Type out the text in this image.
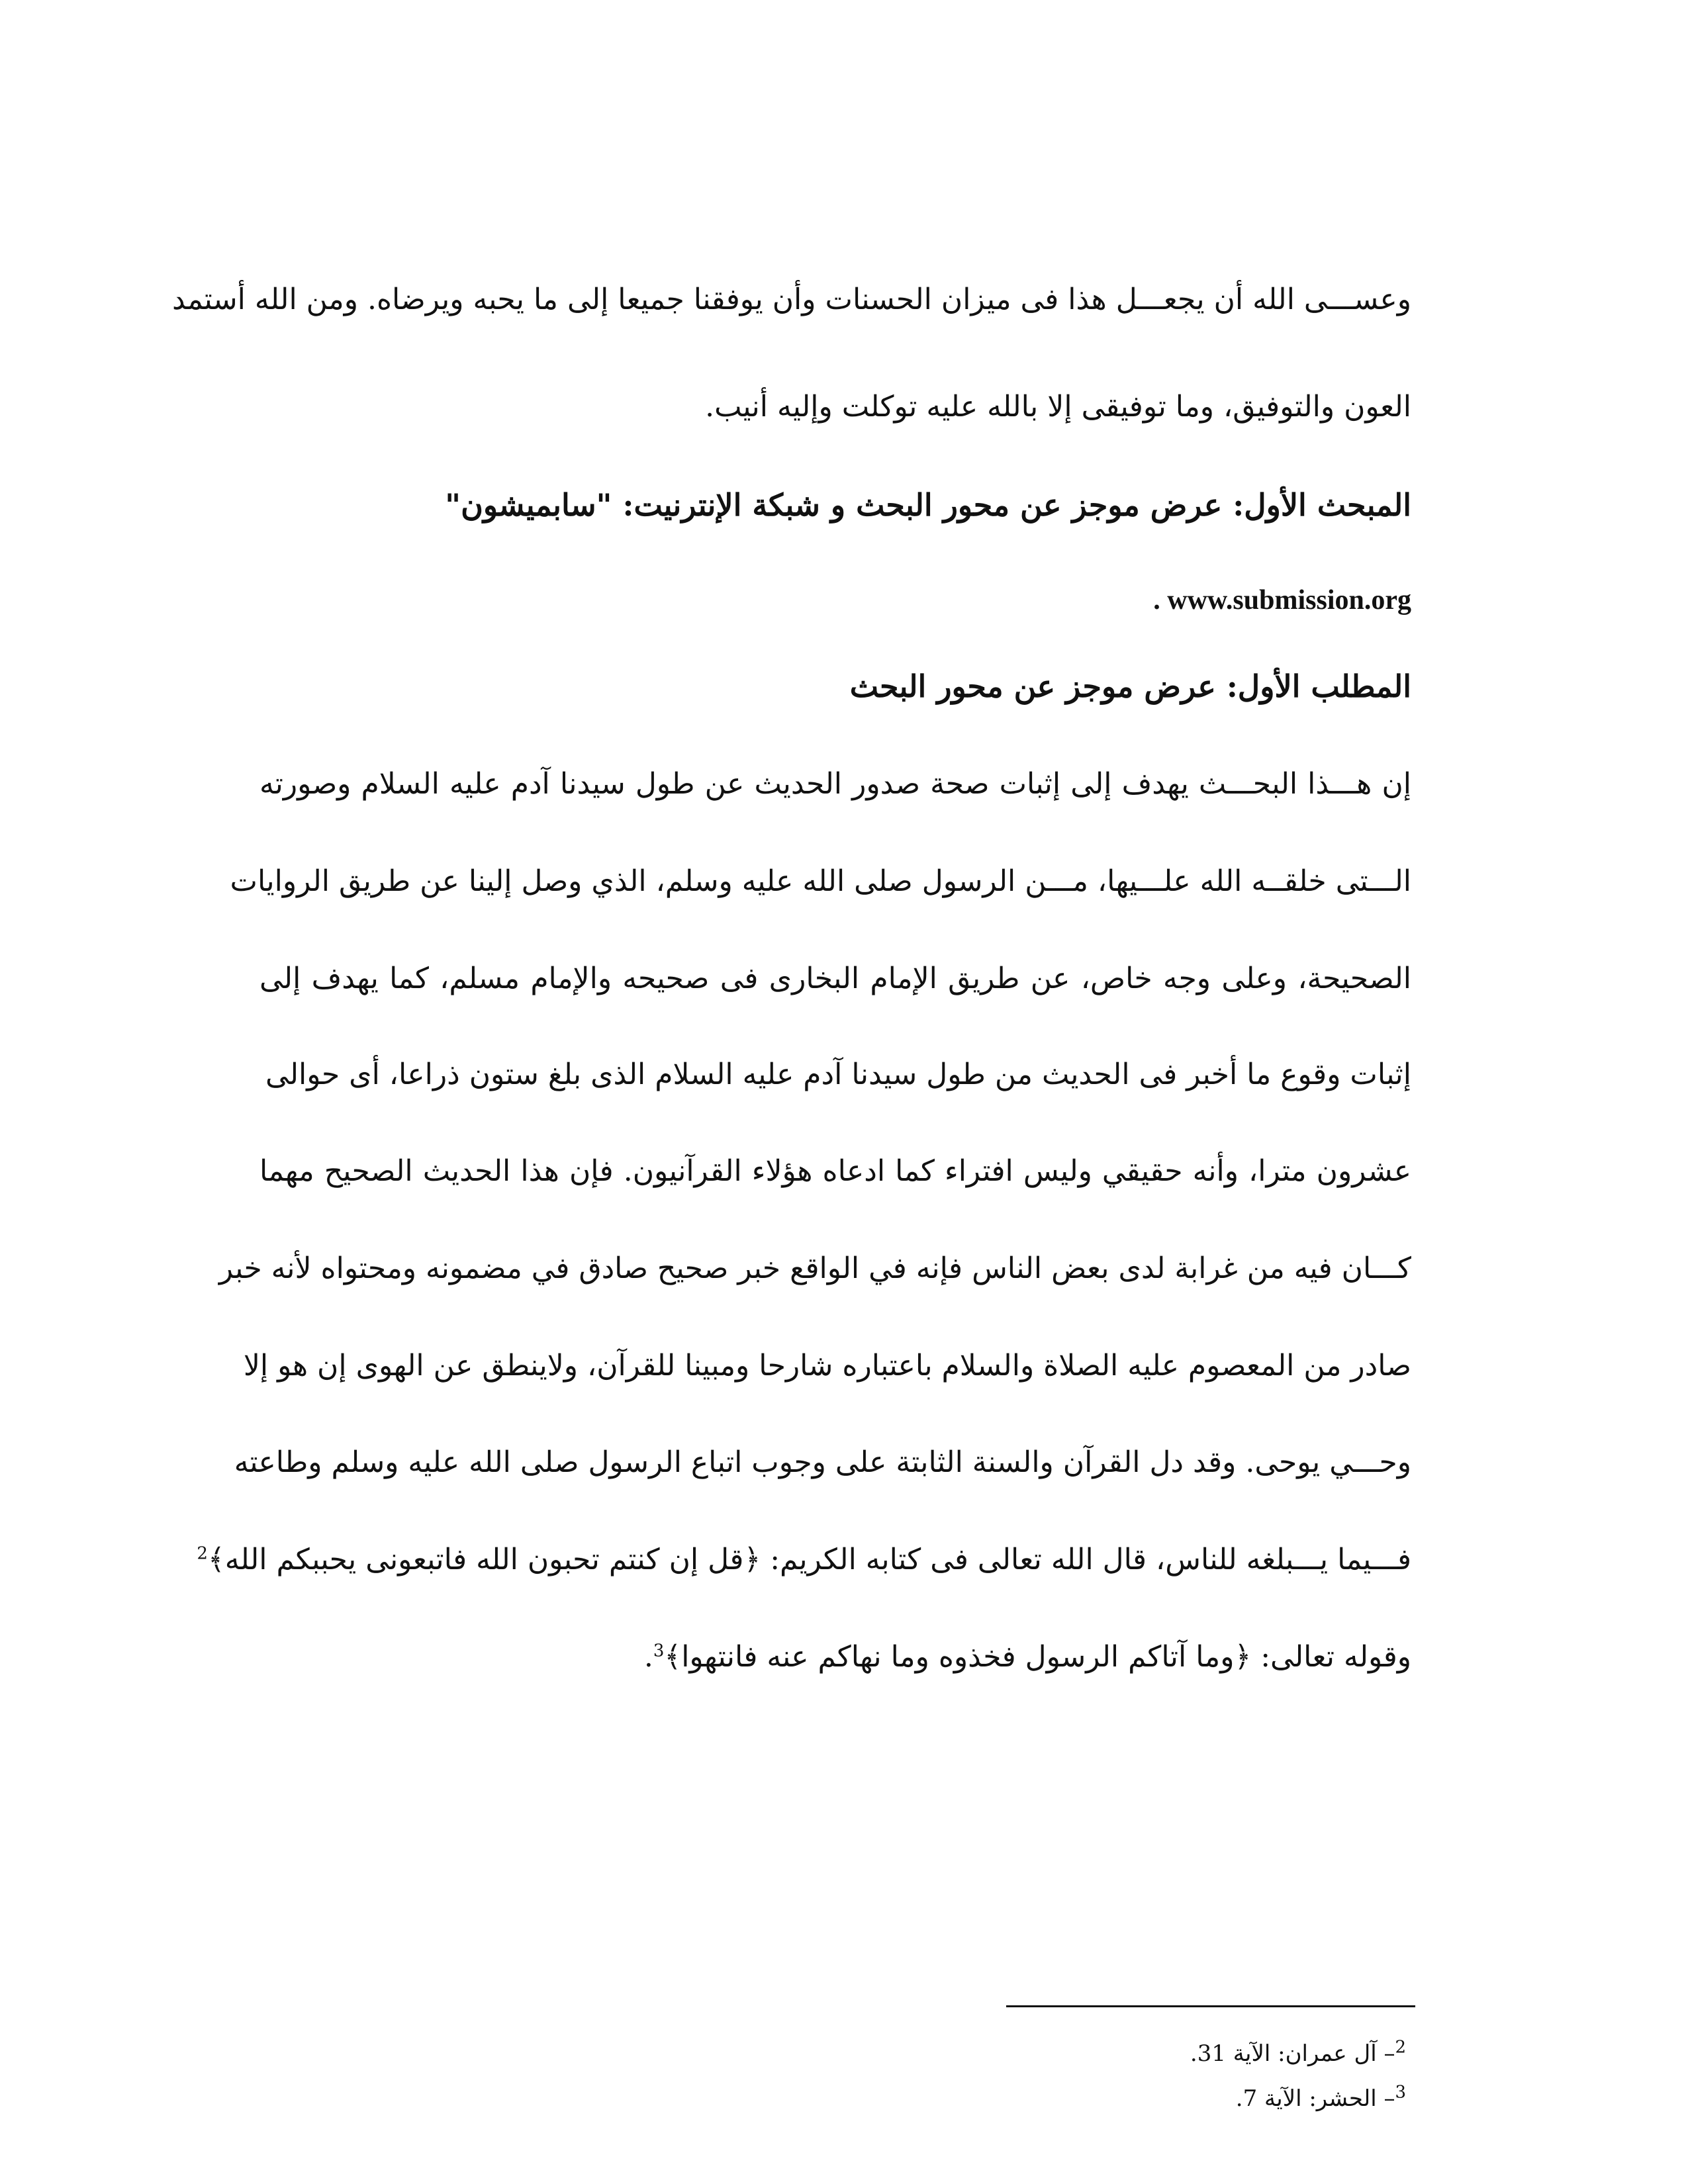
وعســـى الله أن يجعـــل هذا فى ميزان الحسنات وأن يوفقنا جميعا إلى ما يحبه ويرضاه. ومن الله أستمد
العون والتوفيق، وما توفيقى إلا بالله عليه توكلت وإليه أنيب.
المبحث الأول: عرض موجز عن محور البحث و شبكة الإنترنيت: "سابميشون"
. www.submission.org
المطلب الأول: عرض موجز عن محور البحث
إن هـــذا البحـــث يهدف إلى إثبات صحة صدور الحديث عن طول سيدنا آدم عليه السلام وصورته
الـــتى خلقــه الله علـــيها، مـــن الرسول صلى الله عليه وسلم، الذي وصل إلينا عن طريق الروايات
الصحيحة، وعلى وجه خاص، عن طريق الإمام البخارى فى صحيحه والإمام مسلم، كما يهدف إلى
إثبات وقوع ما أخبر فى الحديث من طول سيدنا آدم عليه السلام الذى بلغ ستون ذراعا، أى حوالى
عشرون مترا، وأنه حقيقي وليس افتراء كما ادعاه هؤلاء القرآنيون. فإن هذا الحديث الصحيح مهما
كـــان فيه من غرابة لدى بعض الناس فإنه في الواقع خبر صحيح صادق في مضمونه ومحتواه لأنه خبر
صادر من المعصوم عليه الصلاة والسلام باعتباره شارحا ومبينا للقرآن، ولاينطق عن الهوى إن هو إلا
وحـــي يوحى. وقد دل القرآن والسنة الثابتة على وجوب اتباع الرسول صلى الله عليه وسلم وطاعته
فـــيما يـــبلغه للناس، قال الله تعالى فى كتابه الكريم: ﴿قل إن كنتم تحبون الله فاتبعونى يحببكم الله﴾$^2$
وقوله تعالى: ﴿وما آتاكم الرسول فخذوه وما نهاكم عنه فانتهوا﴾$^3$.
$^2$– آل عمران: الآية 31.
$^3$– الحشر: الآية 7.
